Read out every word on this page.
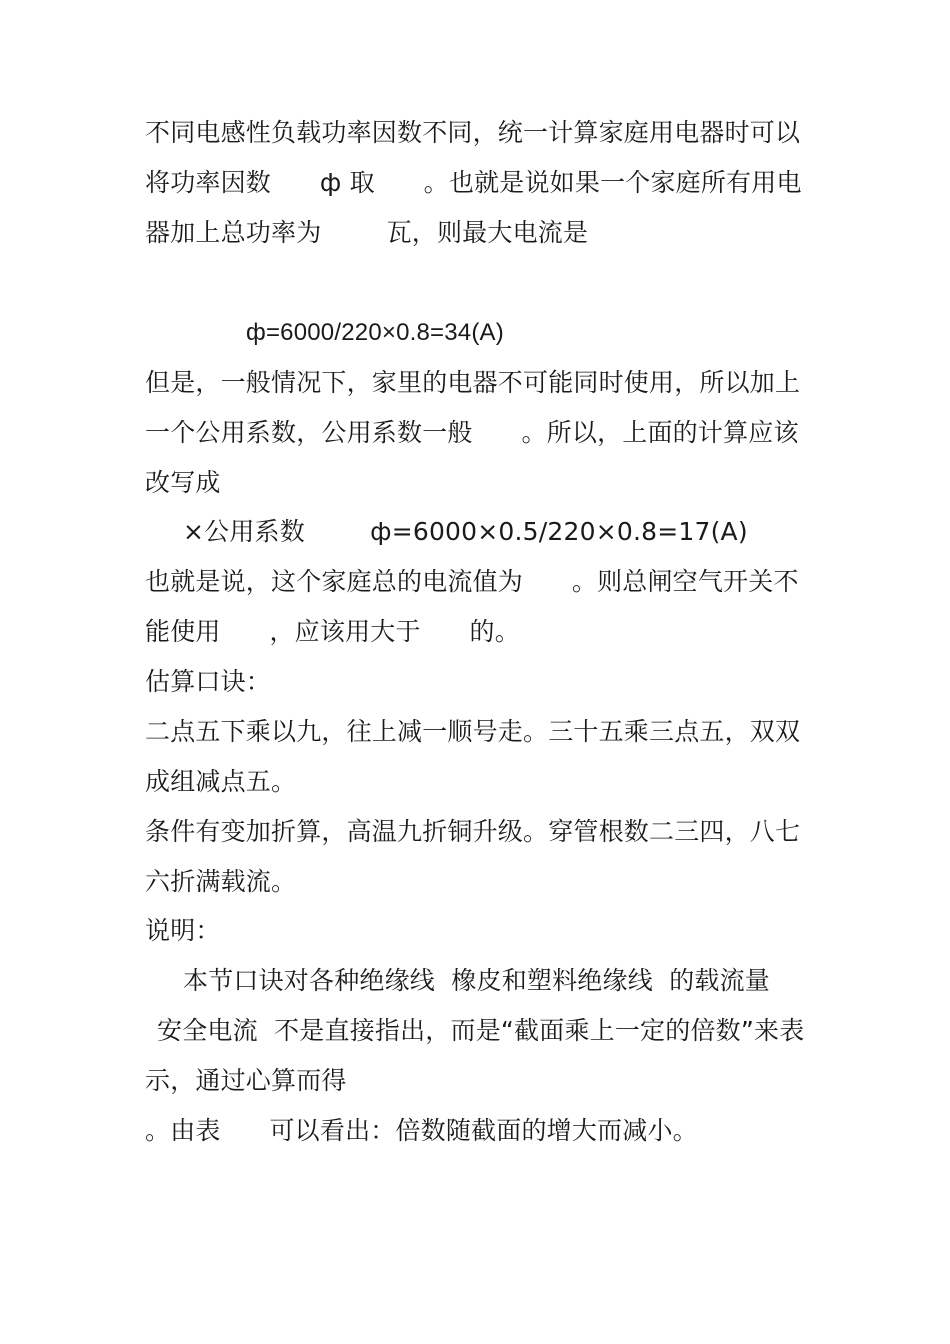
不同电感性负载功率因数不同，统一计算家庭用电器时可以
将功率因数      ф 取      。也就是说如果一个家庭所有用电
器加上总功率为        瓦，则最大电流是
ф=6000/220×0.8=34(A)
但是，一般情况下，家里的电器不可能同时使用，所以加上
一个公用系数，公用系数一般      。所以，上面的计算应该
改写成
×公用系数        ф=6000×0.5/220×0.8=17(A)
也就是说，这个家庭总的电流值为      。则总闸空气开关不
能使用      ，应该用大于      的。
估算口诀：
二点五下乘以九，往上减一顺号走。三十五乘三点五，双双
成组减点五。
条件有变加折算，高温九折铜升级。穿管根数二三四，八七
六折满载流。
说明：
本节口诀对各种绝缘线  橡皮和塑料绝缘线  的载流量
安全电流  不是直接指出，而是“截面乘上一定的倍数”来表
示，通过心算而得
。由表      可以看出：倍数随截面的增大而减小。
